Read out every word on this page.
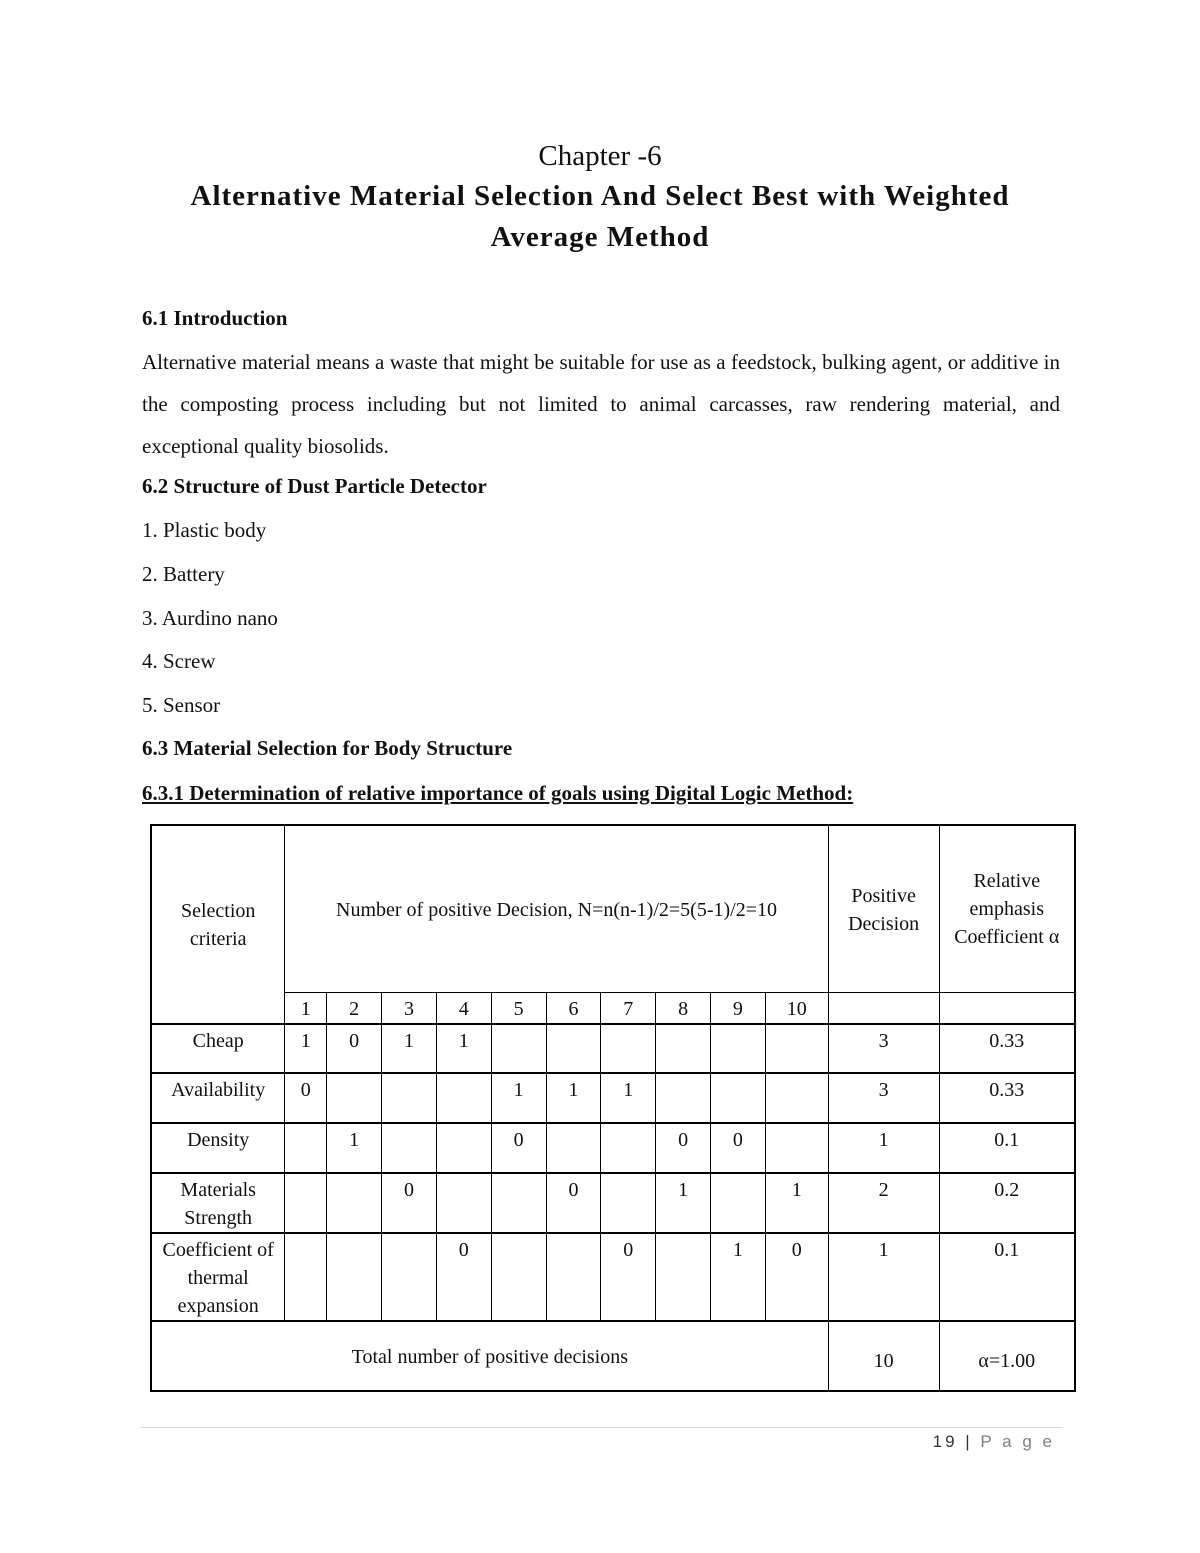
Chapter -6
Alternative Material Selection And Select Best with Weighted
Average Method
6.1 Introduction
Alternative material means a waste that might be suitable for use as a feedstock, bulking agent, or additive in the composting process including but not limited to animal carcasses, raw rendering material, and exceptional quality biosolids.
6.2 Structure of Dust Particle Detector
1. Plastic body
2. Battery
3. Aurdino nano
4. Screw
5. Sensor
6.3 Material Selection for Body Structure
6.3.1 Determination of relative importance of goals using Digital Logic Method:
Selection criteria	Number of positive Decision, N=n(n-1)/2=5(5-1)/2=10										Positive Decision	Relative emphasis Coefficient α
	1	2	3	4	5	6	7	8	9	10		
Cheap	1	0	1	1							3	0.33
Availability	0				1	1	1				3	0.33
Density		1			0			0	0		1	0.1
Materials Strength			0			0		1		1	2	0.2
Coefficient of thermal expansion				0			0		1	0	1	0.1
Total number of positive decisions											10	α=1.00
19 | P a g e
